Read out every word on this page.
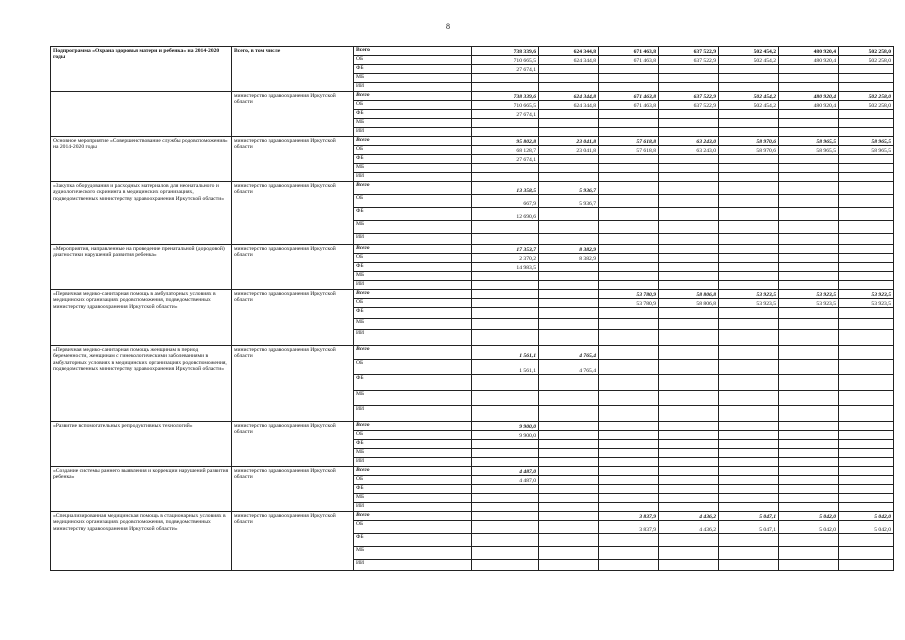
8
Подпрограмма «Охрана здоровья матери и ребенка» на 2014-2020 годы	Всего, в том числе	Всего	738 339,6	624 344,8	671 463,8	637 522,9	502 454,2	480 920,4	502 258,0
		ОБ	710 665,5	624 344,8	671 463,8	637 522,9	502 454,2	480 920,4	502 258,0
		ФБ	27 674,1						
		МБ							
		ИИ							
	министерство здравоохранения Иркутской области	Всего	738 339,6	624 344,8	671 463,8	637 522,9	502 454,2	480 920,4	502 258,0
		ОБ	710 665,5	624 344,8	671 463,8	637 522,9	502 454,2	480 920,4	502 258,0
		ФБ	27 674,1						
		МБ							
		ИИ							
Основное мероприятие «Совершенствование службы родовспоможения» на 2014-2020 годы	министерство здравоохранения Иркутской области	Всего	95 802,8	23 041,8	57 618,8	63 243,0	58 970,6	58 965,5	58 965,5
		ОБ	68 128,7	23 041,8	57 618,8	63 243,0	58 970,6	58 965,5	58 965,5
		ФБ	27 674,1						
		МБ							
		ИИ							
«Закупка оборудования и расходных материалов для неонатального и аудиологического скрининга в медицинских организациях, подведомственных министерству здравоохранения Иркутской области»	министерство здравоохранения Иркутской области	Всего	13 358,5	5 936,7					
		ОБ	667,9	5 936,7					
		ФБ	12 690,6						
		МБ							
		ИИ							
«Мероприятия, направленные на проведение пренатальной (дородовой) диагностики нарушений развития ребенка»	министерство здравоохранения Иркутской области	Всего	17 353,7	8 382,9					
		ОБ	2 370,2	8 382,9					
		ФБ	14 983,5						
		МБ							
		ИИ							
«Первичная медико-санитарная помощь в амбулаторных условиях в медицинских организациях родовспоможения, подведомственных министерству здравоохранения Иркутской области»	министерство здравоохранения Иркутской области	Всего			53 780,9	58 806,8	53 923,5	53 923,5	53 923,5
		ОБ			53 780,9	58 806,8	53 923,5	53 923,5	53 923,5
		ФБ							
		МБ							
		ИИ							
«Первичная медико-санитарная помощь женщинам в период беременности, женщинам с гинекологическими заболеваниями в амбулаторных условиях в медицинских организациях родовспоможения, подведомственных министерству здравоохранения Иркутской области»	министерство здравоохранения Иркутской области	Всего	1 561,1	4 765,4					
		ОБ	1 561,1	4 765,4					
		ФБ							
		МБ							
		ИИ							
«Развитие вспомогательных репродуктивных технологий»	министерство здравоохранения Иркутской области	Всего	9 900,0						
		ОБ	9 900,0						
		ФБ							
		МБ							
		ИИ							
«Создание системы раннего выявления и коррекции нарушений развития ребенка»	министерство здравоохранения Иркутской области	Всего	4 487,0						
		ОБ	4 487,0						
		ФБ							
		МБ							
		ИИ							
«Специализированная медицинская помощь в стационарных условиях в медицинских организациях родовспоможения, подведомственных министерству здравоохранения Иркутской области»	министерство здравоохранения Иркутской области	Всего			3 837,9	4 436,2	5 047,1	5 042,0	5 042,0
		ОБ			3 837,9	4 436,2	5 047,1	5 042,0	5 042,0
		ФБ							
		МБ							
		ИИ							
